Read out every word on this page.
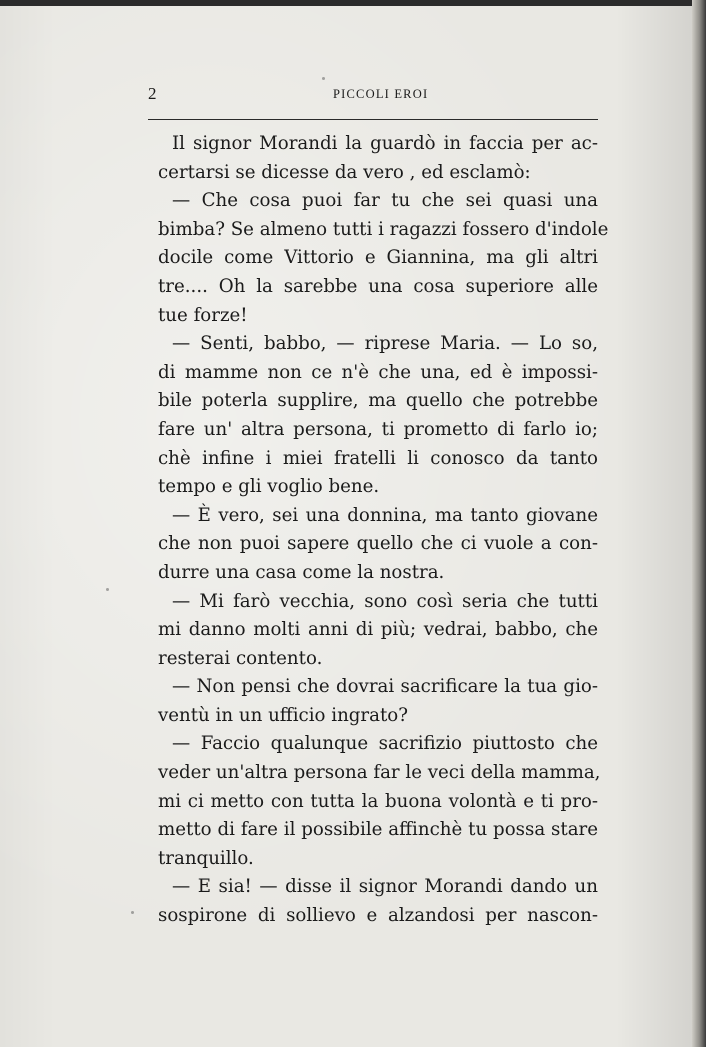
2	PICCOLI EROI
Il signor Morandi la guardò in faccia per ac-
certarsi se dicesse da vero , ed esclamò:
— Che cosa puoi far tu che sei quasi una
bimba? Se almeno tutti i ragazzi fossero d'indole
docile come Vittorio e Giannina, ma gli altri
tre.... Oh la sarebbe una cosa superiore alle
tue forze!
— Senti, babbo, — riprese Maria. — Lo so,
di mamme non ce n'è che una, ed è impossi-
bile poterla supplire, ma quello che potrebbe
fare un' altra persona, ti prometto di farlo io;
chè infine i miei fratelli li conosco da tanto
tempo e gli voglio bene.
— È vero, sei una donnina, ma tanto giovane
che non puoi sapere quello che ci vuole a con-
durre una casa come la nostra.
— Mi farò vecchia, sono così seria che tutti
mi danno molti anni di più; vedrai, babbo, che
resterai contento.
— Non pensi che dovrai sacrificare la tua gio-
ventù in un ufficio ingrato?
— Faccio qualunque sacrifizio piuttosto che
veder un'altra persona far le veci della mamma,
mi ci metto con tutta la buona volontà e ti pro-
metto di fare il possibile affinchè tu possa stare
tranquillo.
— E sia! — disse il signor Morandi dando un
sospirone di sollievo e alzandosi per nascon-
